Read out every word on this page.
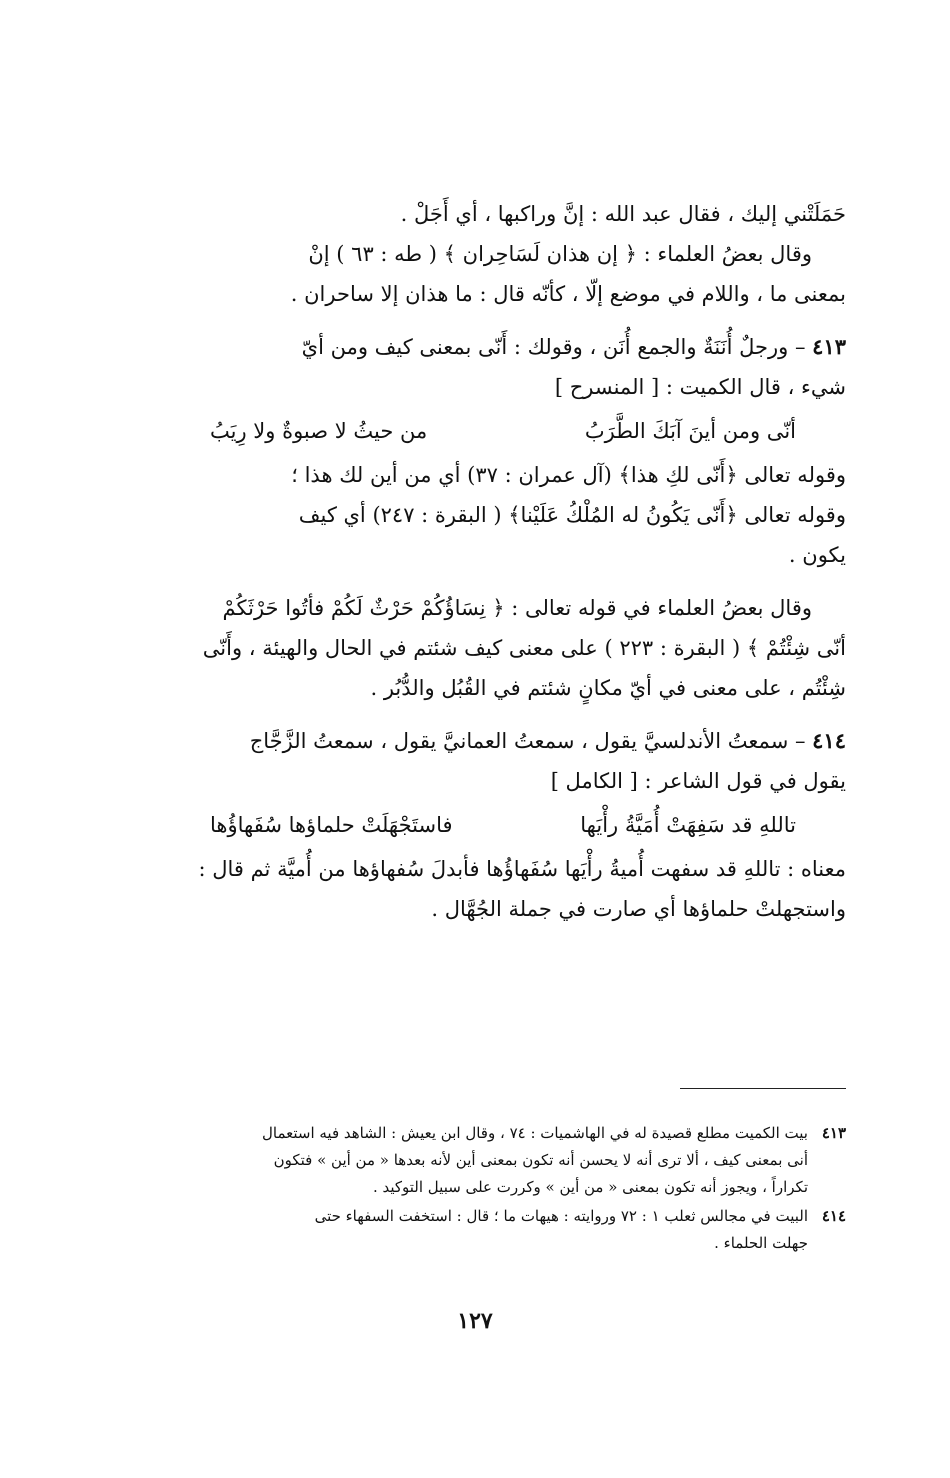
حَمَلَتْني إليك ، فقال عبد الله : إنَّ وراكبها ، أي أَجَلْ .
وقال بعضُ العلماء : ﴿ إن هذان لَسَاحِران ﴾ ( طه : ٦٣ ) إنْ
بمعنى ما ، واللام في موضع إلّا ، كأنّه قال : ما هذان إلا ساحران .
٤١٣ – ورجلٌ أُنَنَةٌ والجمع أُنَن ، وقولك : أَنّى بمعنى كيف ومن أيّ
شيء ، قال الكميت : [ المنسرح ]
أنّى ومن أينَ آبَكَ الطَّرَبُ
من حيثُ لا صبوةٌ ولا رِيَبُ
وقوله تعالى ﴿أَنّى لكِ هذا﴾ (آل عمران : ٣٧) أي من أين لك هذا ؛
وقوله تعالى ﴿أَنّى يَكُونُ له المُلْكُ عَلَيْنا﴾ ( البقرة : ٢٤٧) أي كيف
يكون .
وقال بعضُ العلماء في قوله تعالى : ﴿ نِسَاؤُكُمْ حَرْثٌ لَكُمْ فأتُوا حَرْثَكُمْ
أنّى شِئْتُمْ ﴾ ( البقرة : ٢٢٣ ) على معنى كيف شئتم في الحال والهيئة ، وأَنّى
شِئْتُم ، على معنى في أيّ مكانٍ شئتم في القُبُل والدُّبُر .
٤١٤ – سمعتُ الأندلسيَّ يقول ، سمعتُ العمانيَّ يقول ، سمعتُ الزَّجَّاج
يقول في قول الشاعر : [ الكامل ]
تاللهِ قد سَفِهَتْ أُمَيَّةُ رأْيَها
فاستَجْهَلَتْ حلماؤها سُفَهاؤُها
معناه : تاللهِ قد سفهت أُميةُ رأْيَها سُفَهاؤُها فأبدلَ سُفهاؤها من أُميَّة ثم قال :
واستجهلتْ حلماؤها أي صارت في جملة الجُهَّال .
٤١٣
بيت الكميت مطلع قصيدة له في الهاشميات : ٧٤ ، وقال ابن يعيش : الشاهد فيه استعمال
أنى بمعنى كيف ، ألا ترى أنه لا يحسن أنه تكون بمعنى أين لأنه بعدها « من أين » فتكون
تكراراً ، ويجوز أنه تكون بمعنى « من أين » وكررت على سبيل التوكيد .
٤١٤
البيت في مجالس ثعلب ١ : ٧٢ وروايته : هيهات ما ؛ قال : استخفت السفهاء حتى
جهلت الحلماء .
١٢٧
